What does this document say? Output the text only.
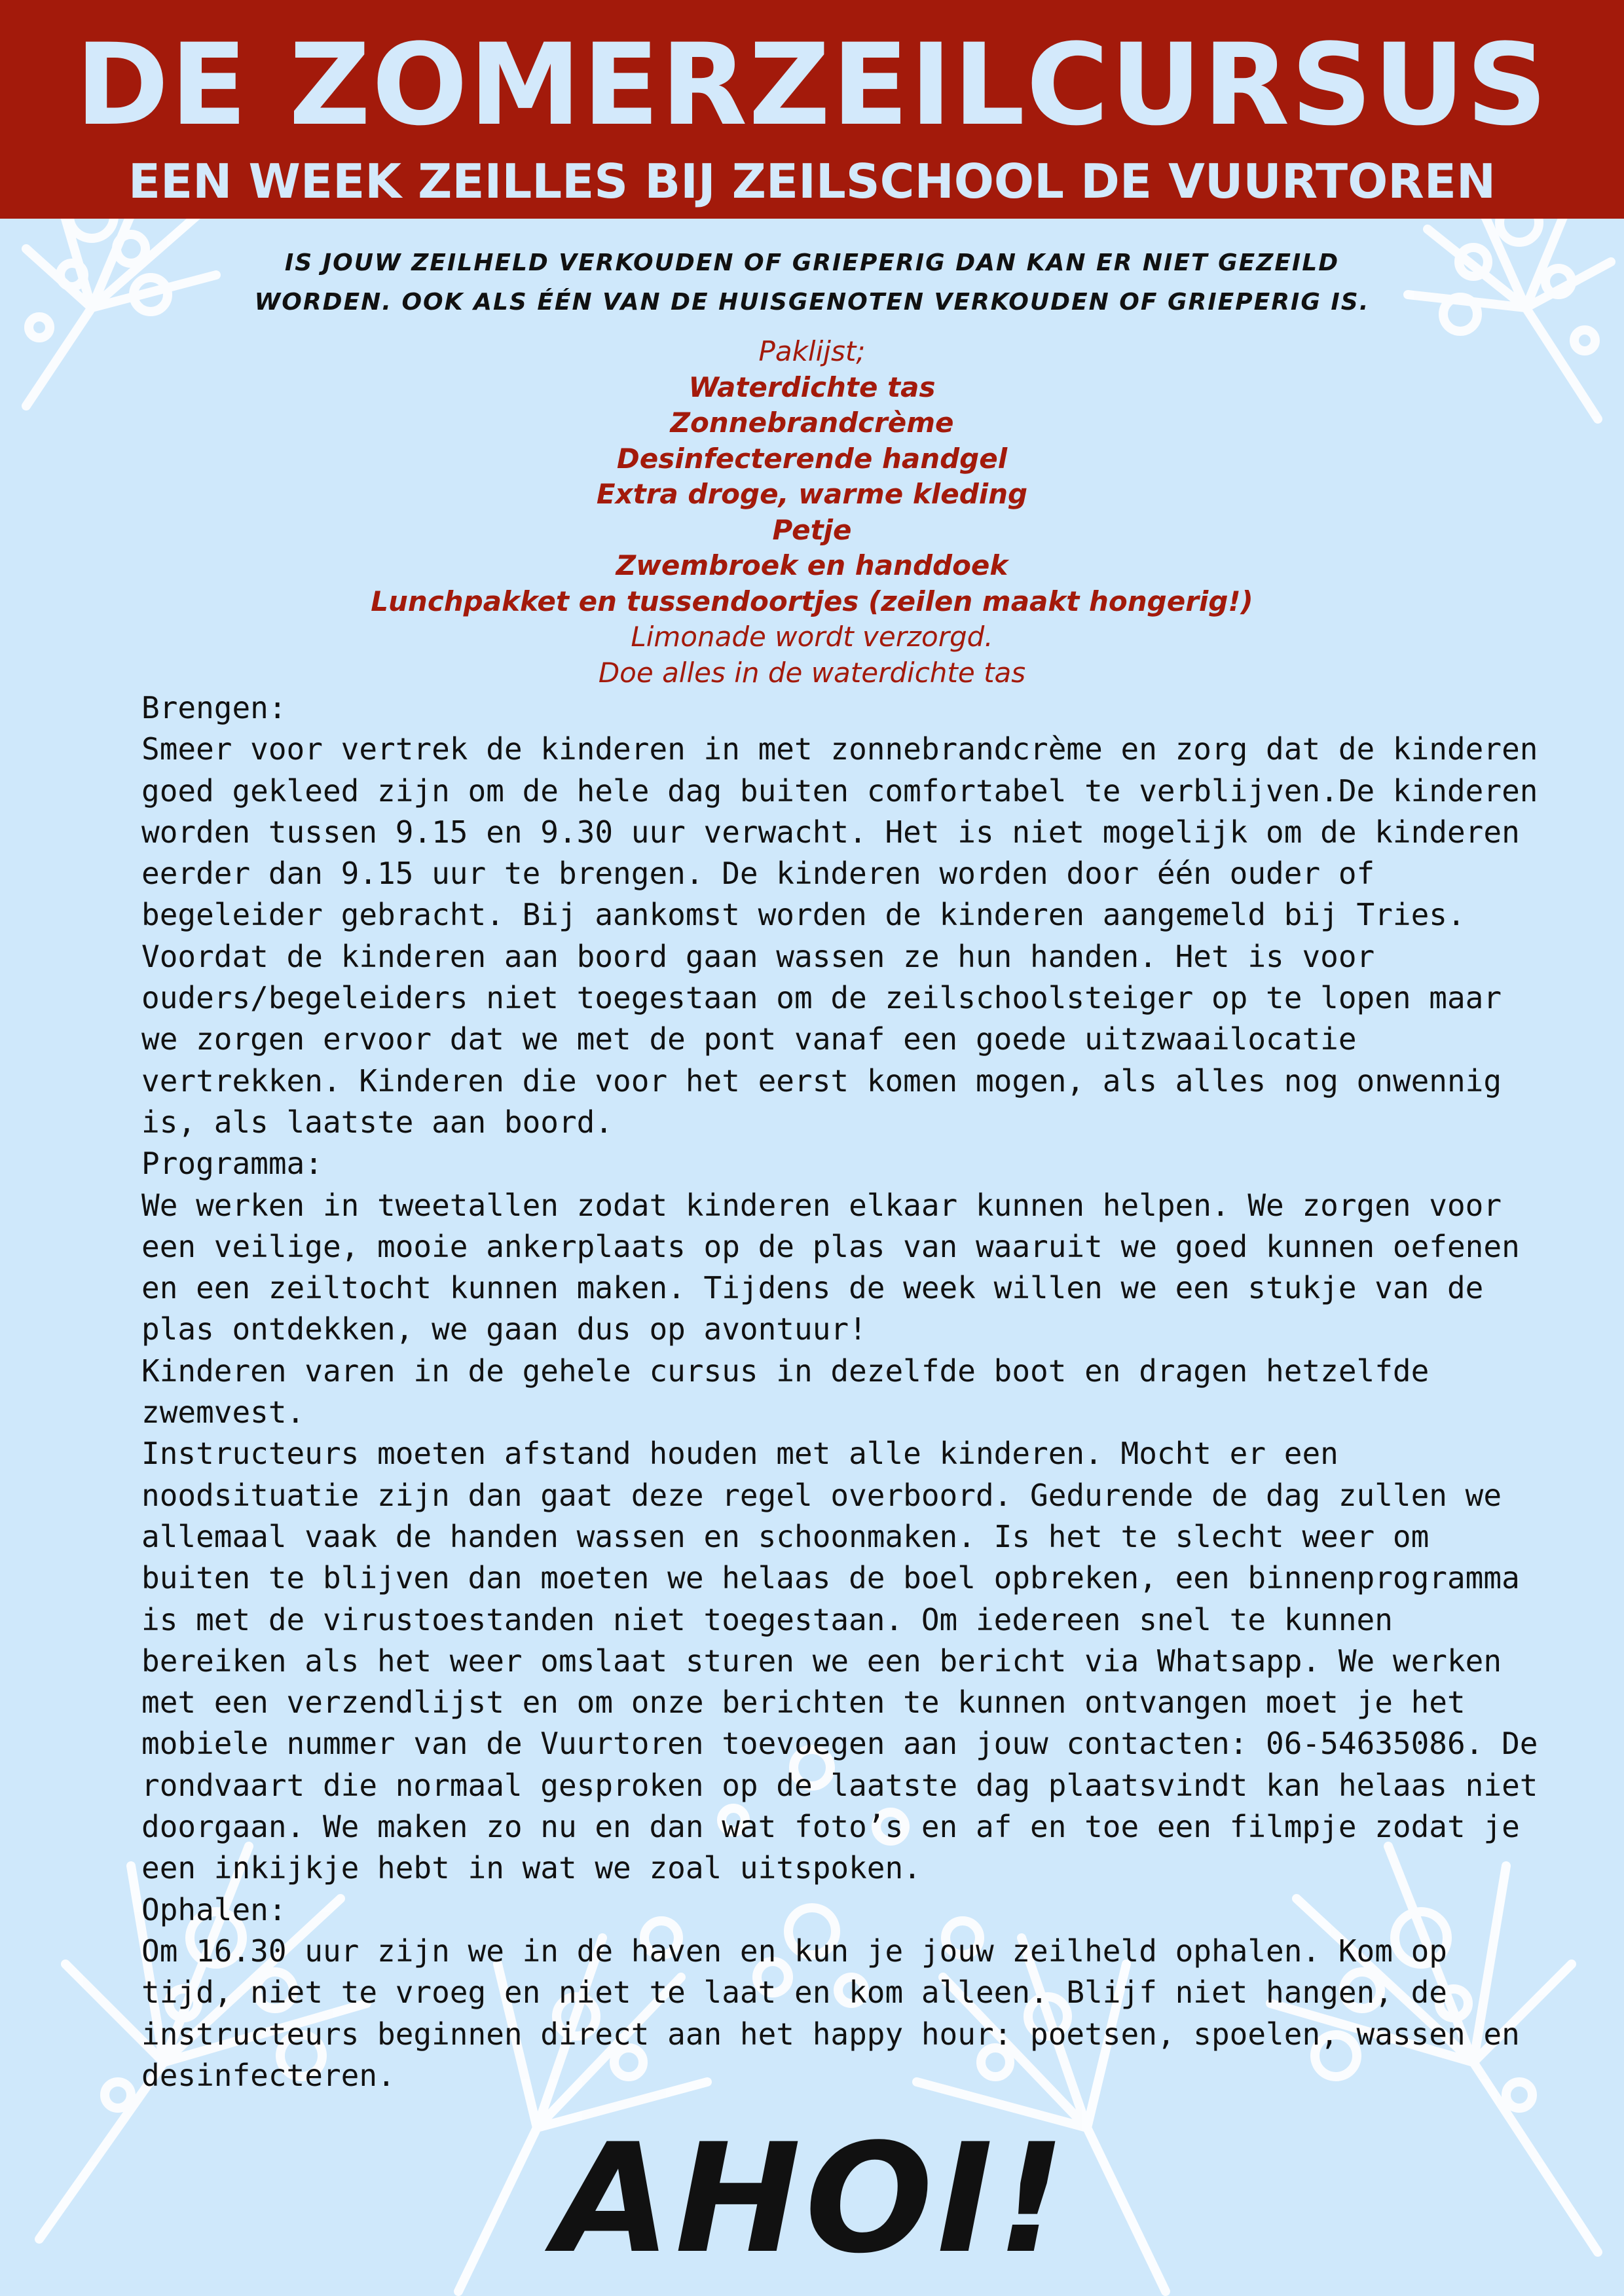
DE ZOMERZEILCURSUS
EEN WEEK ZEILLES BIJ ZEILSCHOOL DE VUURTOREN
IS JOUW ZEILHELD VERKOUDEN OF GRIEPERIG DAN KAN ER NIET GEZEILD
WORDEN. OOK ALS ÉÉN VAN DE HUISGENOTEN VERKOUDEN OF GRIEPERIG IS.
Paklijst;
Waterdichte tas
Zonnebrandcrème
Desinfecterende handgel
Extra droge, warme kleding
Petje
Zwembroek en handdoek
Lunchpakket en tussendoortjes (zeilen maakt hongerig!)
Limonade wordt verzorgd.
Doe alles in de waterdichte tas

Brengen:

Smeer voor vertrek de kinderen in met zonnebrandcrème en zorg dat de kinderen goed gekleed zijn om de hele dag buiten comfortabel te verblijven.De kinderen worden tussen 9.15 en 9.30 uur verwacht. Het is niet mogelijk om de kinderen eerder dan 9.15 uur te brengen. De kinderen worden door één ouder of begeleider gebracht. Bij aankomst worden de kinderen aangemeld bij Tries. Voordat de kinderen aan boord gaan wassen ze hun handen. Het is voor ouders/begeleiders niet toegestaan om de zeilschoolsteiger op te lopen maar we zorgen ervoor dat we met de pont vanaf een goede uitzwaailocatie vertrekken. Kinderen die voor het eerst komen mogen, als alles nog onwennig is, als laatste aan boord.

Programma:

We werken in tweetallen zodat kinderen elkaar kunnen helpen. We zorgen voor een veilige, mooie ankerplaats op de plas van waaruit we goed kunnen oefenen en een zeiltocht kunnen maken. Tijdens de week willen we een stukje van de plas ontdekken, we gaan dus op avontuur!

Kinderen varen in de gehele cursus in dezelfde boot en dragen hetzelfde zwemvest.

Instructeurs moeten afstand houden met alle kinderen. Mocht er een noodsituatie zijn dan gaat deze regel overboord. Gedurende de dag zullen we allemaal vaak de handen wassen en schoonmaken. Is het te slecht weer om buiten te blijven dan moeten we helaas de boel opbreken, een binnenprogramma is met de virustoestanden niet toegestaan. Om iedereen snel te kunnen bereiken als het weer omslaat sturen we een bericht via Whatsapp. We werken met een verzendlijst en om onze berichten te kunnen ontvangen moet je het mobiele nummer van de Vuurtoren toevoegen aan jouw contacten: 06-54635086. De rondvaart die normaal gesproken op de laatste dag plaatsvindt kan helaas niet doorgaan. We maken zo nu en dan wat foto’s en af en toe een filmpje zodat je een inkijkje hebt in wat we zoal uitspoken.

Ophalen:

Om 16.30 uur zijn we in de haven en kun je jouw zeilheld ophalen. Kom op tijd, niet te vroeg en niet te laat en kom alleen. Blijf niet hangen, de instructeurs beginnen direct aan het happy hour: poetsen, spoelen, wassen en desinfecteren.

AHOI!
